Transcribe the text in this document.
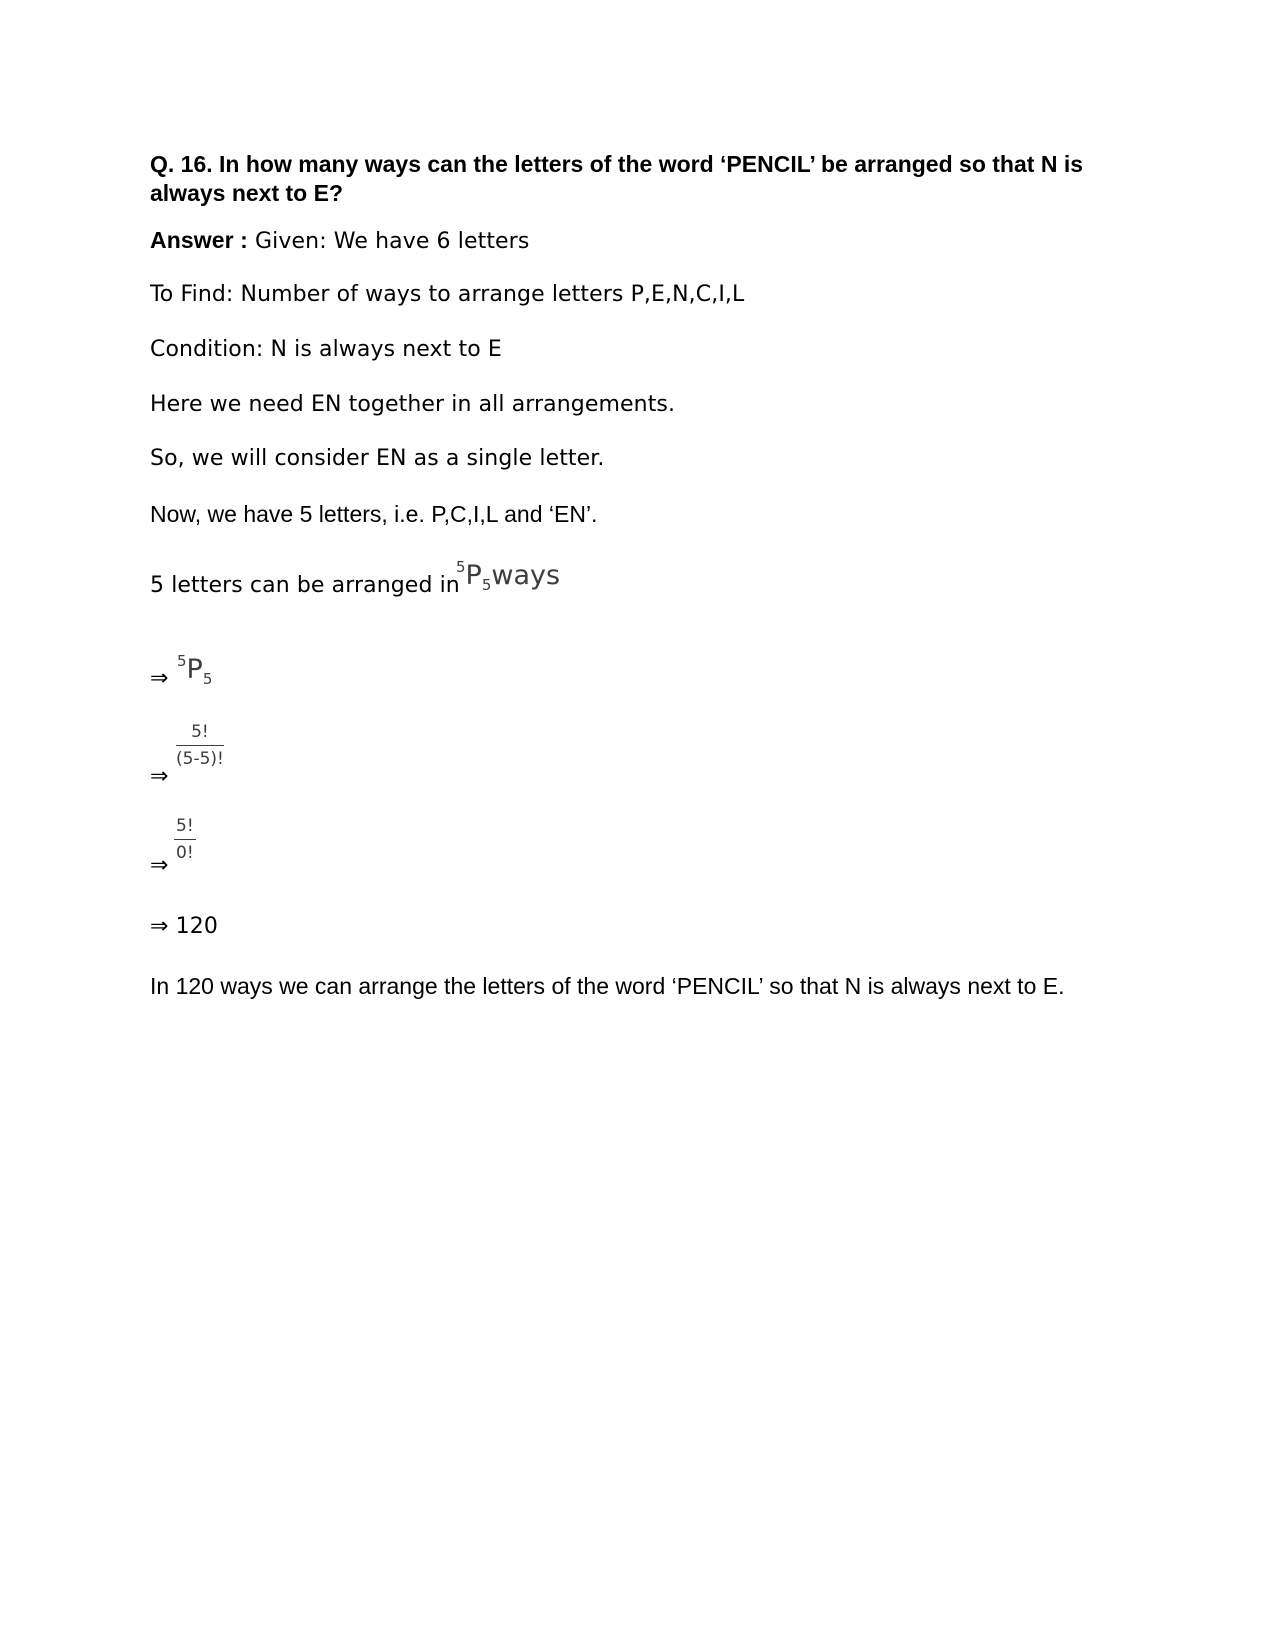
Q. 16. In how many ways can the letters of the word ‘PENCIL’ be arranged so that N is always next to E?
Answer : Given: We have 6 letters
To Find: Number of ways to arrange letters P,E,N,C,I,L
Condition: N is always next to E
Here we need EN together in all arrangements.
So, we will consider EN as a single letter.
Now, we have 5 letters, i.e. P,C,I,L and ‘EN’.
5 letters can be arranged in
5P5ways
⇒
5P5
⇒
$\frac{5!}{(5-5)!}$
⇒
$\frac{5!}{0!}$
⇒ 120
In 120 ways we can arrange the letters of the word ‘PENCIL’ so that N is always next to E.
